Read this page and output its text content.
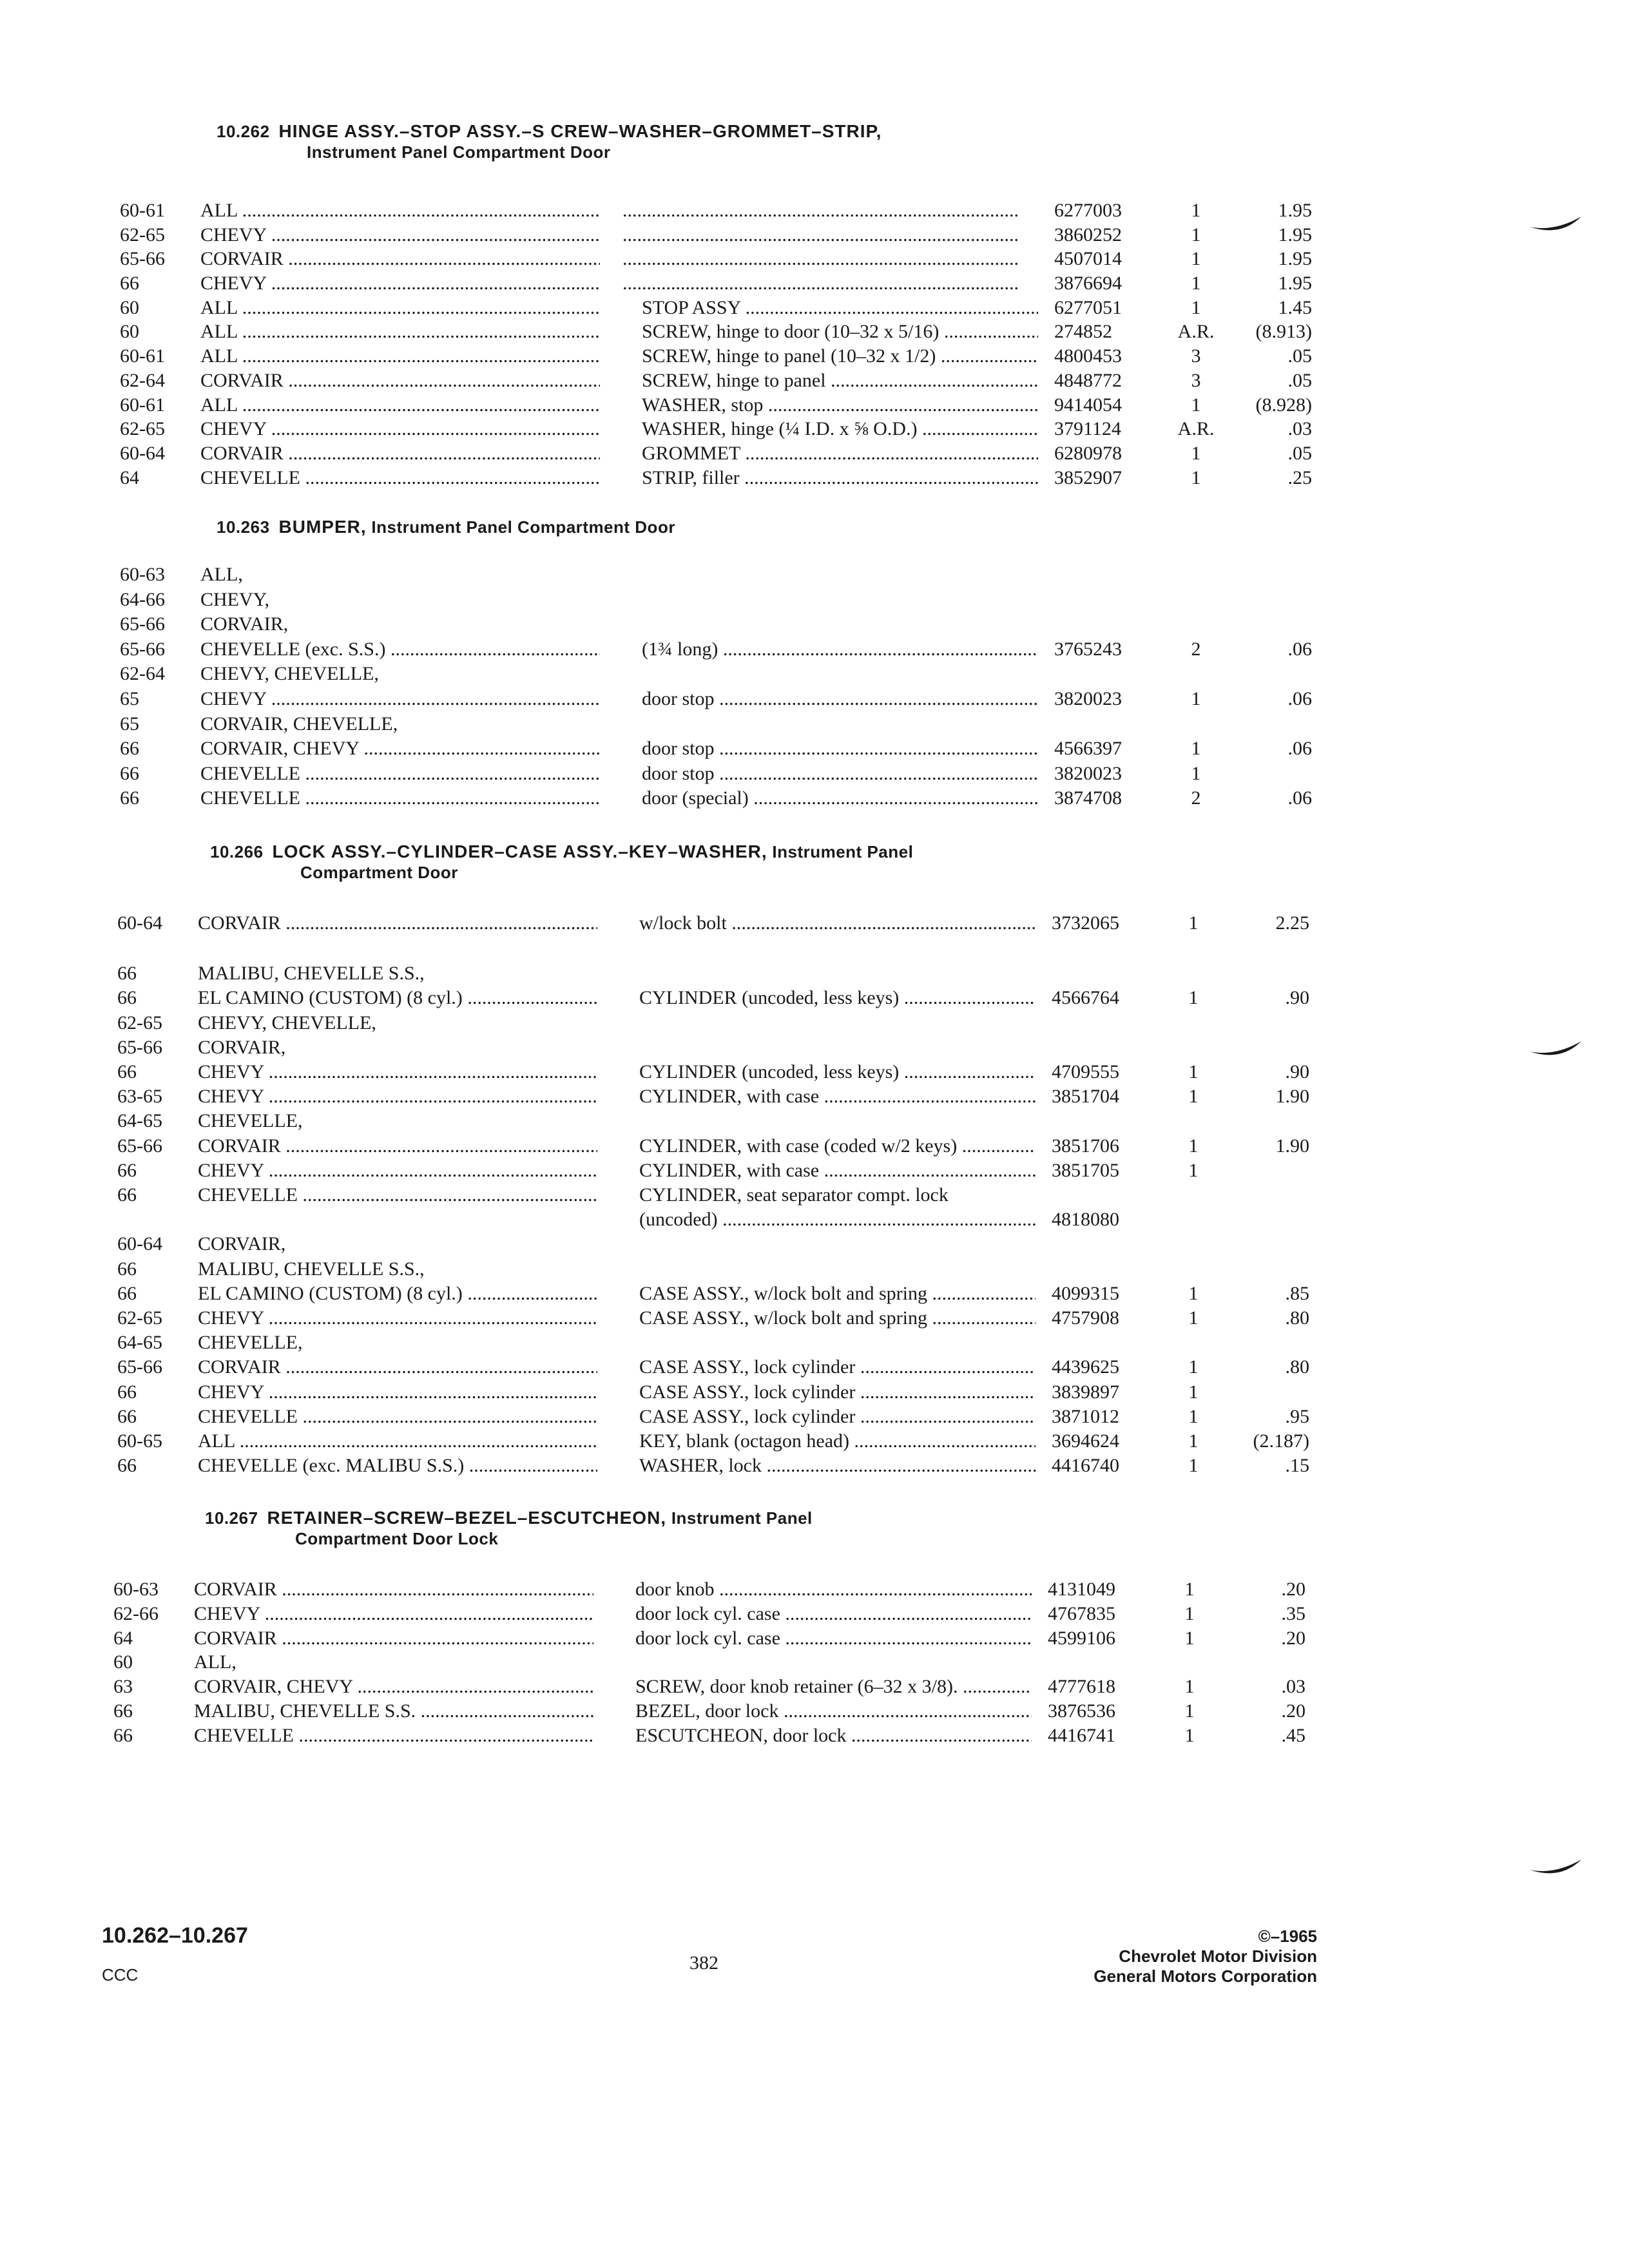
10.262 HINGE ASSY.–STOP ASSY.–S CREW–WASHER–GROMMET–STRIP,
Instrument Panel Compartment Door
60-61	ALL ..... .....	6277003	1	1.95
62-65	CHEVY ..... .....	3860252	1	1.95
65-66	CORVAIR ..... .....	4507014	1	1.95
66	CHEVY ..... .....	3876694	1	1.95
60	ALL .....	STOP ASSY .....	6277051	1	1.45
60	ALL .....	SCREW, hinge to door (10–32 x 5/16) .....	274852	A.R.	(8.913)
60-61	ALL .....	SCREW, hinge to panel (10–32 x 1/2) .....	4800453	3	.05
62-64	CORVAIR .....	SCREW, hinge to panel .....	4848772	3	.05
60-61	ALL .....	WASHER, stop .....	9414054	1	(8.928)
62-65	CHEVY .....	WASHER, hinge (¼ I.D. x ⅝ O.D.) .....	3791124	A.R.	.03
60-64	CORVAIR .....	GROMMET .....	6280978	1	.05
64	CHEVELLE .....	STRIP, filler .....	3852907	1	.25
10.263 BUMPER, Instrument Panel Compartment Door
60-63	ALL,
64-66	CHEVY,
65-66	CORVAIR,
65-66	CHEVELLE (exc. S.S.) .....	(1¾ long) .....	3765243	2	.06
62-64	CHEVY, CHEVELLE,
65	CHEVY .....	door stop .....	3820023	1	.06
65	CORVAIR, CHEVELLE,
66	CORVAIR, CHEVY .....	door stop .....	4566397	1	.06
66	CHEVELLE .....	door stop .....	3820023	1
66	CHEVELLE .....	door (special) .....	3874708	2	.06
10.266 LOCK ASSY.–CYLINDER–CASE ASSY.–KEY–WASHER, Instrument Panel
Compartment Door
60-64	CORVAIR .....	w/lock bolt .....	3732065	1	2.25
66	MALIBU, CHEVELLE S.S.,
66	EL CAMINO (CUSTOM) (8 cyl.) .....	CYLINDER (uncoded, less keys) .....	4566764	1	.90
62-65	CHEVY, CHEVELLE,
65-66	CORVAIR,
66	CHEVY .....	CYLINDER (uncoded, less keys) .....	4709555	1	.90
63-65	CHEVY .....	CYLINDER, with case .....	3851704	1	1.90
64-65	CHEVELLE,
65-66	CORVAIR .....	CYLINDER, with case (coded w/2 keys) .....	3851706	1	1.90
66	CHEVY .....	CYLINDER, with case .....	3851705	1
66	CHEVELLE .....	CYLINDER, seat separator compt. lock
(uncoded) .....	4818080
60-64	CORVAIR,
66	MALIBU, CHEVELLE S.S.,
66	EL CAMINO (CUSTOM) (8 cyl.) .....	CASE ASSY., w/lock bolt and spring .....	4099315	1	.85
62-65	CHEVY .....	CASE ASSY., w/lock bolt and spring .....	4757908	1	.80
64-65	CHEVELLE,
65-66	CORVAIR .....	CASE ASSY., lock cylinder .....	4439625	1	.80
66	CHEVY .....	CASE ASSY., lock cylinder .....	3839897	1
66	CHEVELLE .....	CASE ASSY., lock cylinder .....	3871012	1	.95
60-65	ALL .....	KEY, blank (octagon head) .....	3694624	1	(2.187)
66	CHEVELLE (exc. MALIBU S.S.) .....	WASHER, lock .....	4416740	1	.15
10.267 RETAINER–SCREW–BEZEL–ESCUTCHEON, Instrument Panel
Compartment Door Lock
60-63	CORVAIR .....	door knob .....	4131049	1	.20
62-66	CHEVY .....	door lock cyl. case .....	4767835	1	.35
64	CORVAIR .....	door lock cyl. case .....	4599106	1	.20
60	ALL,
63	CORVAIR, CHEVY .....	SCREW, door knob retainer (6–32 x 3/8). .....	4777618	1	.03
66	MALIBU, CHEVELLE S.S. .....	BEZEL, door lock .....	3876536	1	.20
66	CHEVELLE .....	ESCUTCHEON, door lock .....	4416741	1	.45
10.262–10.267
CCC
382
©–1965
Chevrolet Motor Division
General Motors Corporation
